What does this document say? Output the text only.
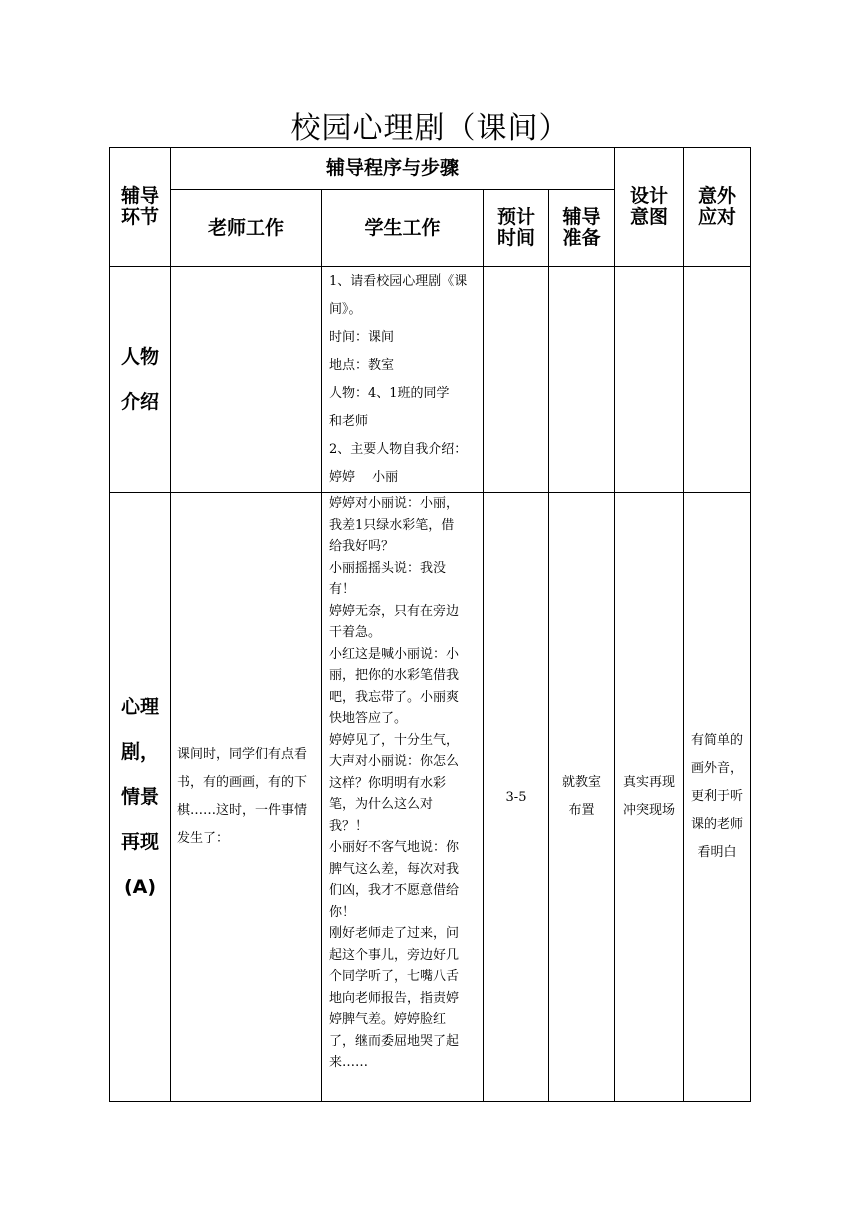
校园心理剧（课间）
辅导环节
辅导程序与步骤
老师工作	学生工作	预计时间
辅导准备
设计意图
意外应对
人物介绍

1、请看校园心理剧《课

间》。

时间：课间

地点：教室

人物：4、1班的同学

和老师

2、主要人物自我介绍：

婷婷　 小丽

心理剧，情景再现(A)
课间时，同学们有点看书，有的画画，有的下棋……这时，一件事情发生了：

婷婷对小丽说：小丽，

我差1只绿水彩笔，借

给我好吗？

小丽摇摇头说：我没

有！

婷婷无奈，只有在旁边

干着急。

小红这是喊小丽说：小

丽，把你的水彩笔借我

吧，我忘带了。小丽爽

快地答应了。

婷婷见了，十分生气，

大声对小丽说：你怎么

这样？你明明有水彩

笔，为什么这么对

我？！

小丽好不客气地说：你

脾气这么差，每次对我

们凶，我才不愿意借给

你！

刚好老师走了过来，问

起这个事儿，旁边好几

个同学听了，七嘴八舌

地向老师报告，指责婷

婷脾气差。婷婷脸红

了，继而委屈地哭了起

来……

3-5
就教室布置
真实再现冲突现场
有简单的画外音，更利于听课的老师看明白
